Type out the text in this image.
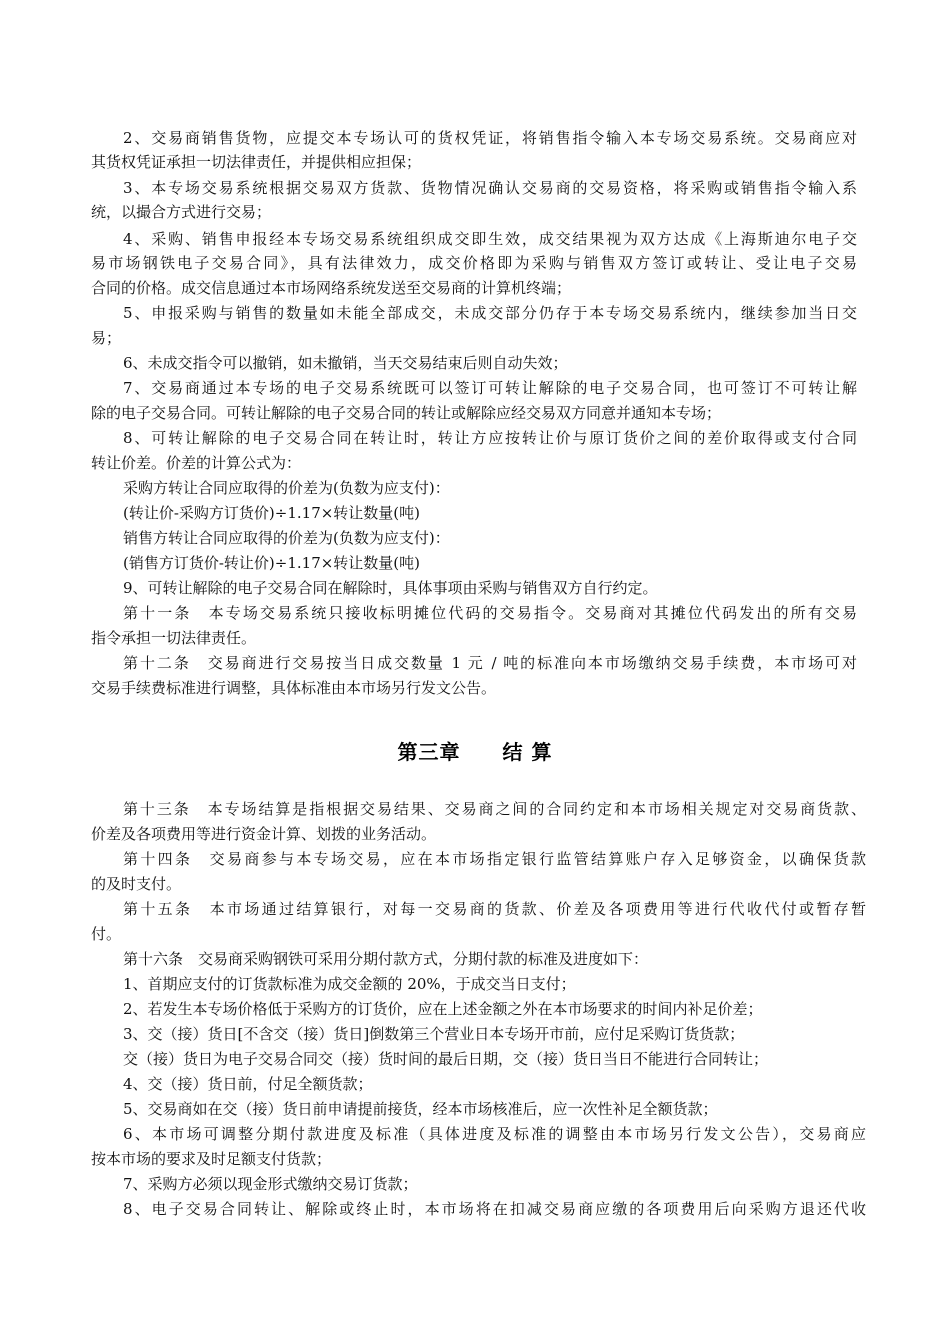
2、交易商销售货物，应提交本专场认可的货权凭证，将销售指令输入本专场交易系统。交易商应对
其货权凭证承担一切法律责任，并提供相应担保；
3、本专场交易系统根据交易双方货款、货物情况确认交易商的交易资格，将采购或销售指令输入系
统，以撮合方式进行交易；
4、采购、销售申报经本专场交易系统组织成交即生效，成交结果视为双方达成《上海斯迪尔电子交
易市场钢铁电子交易合同》，具有法律效力，成交价格即为采购与销售双方签订或转让、受让电子交易
合同的价格。成交信息通过本市场网络系统发送至交易商的计算机终端；
5、申报采购与销售的数量如未能全部成交，未成交部分仍存于本专场交易系统内，继续参加当日交
易；
6、未成交指令可以撤销，如未撤销，当天交易结束后则自动失效；
7、交易商通过本专场的电子交易系统既可以签订可转让解除的电子交易合同，也可签订不可转让解
除的电子交易合同。可转让解除的电子交易合同的转让或解除应经交易双方同意并通知本专场；
8、可转让解除的电子交易合同在转让时，转让方应按转让价与原订货价之间的差价取得或支付合同
转让价差。价差的计算公式为：
采购方转让合同应取得的价差为(负数为应支付)：
(转让价-采购方订货价)÷1.17×转让数量(吨)
销售方转让合同应取得的价差为(负数为应支付)：
(销售方订货价-转让价)÷1.17×转让数量(吨)
9、可转让解除的电子交易合同在解除时，具体事项由采购与销售双方自行约定。
第十一条　本专场交易系统只接收标明摊位代码的交易指令。交易商对其摊位代码发出的所有交易
指令承担一切法律责任。
第十二条　交易商进行交易按当日成交数量 1 元 / 吨的标准向本市场缴纳交易手续费，本市场可对
交易手续费标准进行调整，具体标准由本市场另行发文公告。
第三章　　结 算
第十三条　本专场结算是指根据交易结果、交易商之间的合同约定和本市场相关规定对交易商货款、
价差及各项费用等进行资金计算、划拨的业务活动。
第十四条　交易商参与本专场交易，应在本市场指定银行监管结算账户存入足够资金，以确保货款
的及时支付。
第十五条　本市场通过结算银行，对每一交易商的货款、价差及各项费用等进行代收代付或暂存暂
付。
第十六条　交易商采购钢铁可采用分期付款方式，分期付款的标准及进度如下：
1、首期应支付的订货款标准为成交金额的 20%，于成交当日支付；
2、若发生本专场价格低于采购方的订货价，应在上述金额之外在本市场要求的时间内补足价差；
3、交（接）货日[不含交（接）货日]倒数第三个营业日本专场开市前，应付足采购订货货款；
交（接）货日为电子交易合同交（接）货时间的最后日期，交（接）货日当日不能进行合同转让；
4、交（接）货日前，付足全额货款；
5、交易商如在交（接）货日前申请提前接货，经本市场核准后，应一次性补足全额货款；
6、本市场可调整分期付款进度及标准（具体进度及标准的调整由本市场另行发文公告），交易商应
按本市场的要求及时足额支付货款；
7、采购方必须以现金形式缴纳交易订货款；
8、电子交易合同转让、解除或终止时，本市场将在扣减交易商应缴的各项费用后向采购方退还代收
